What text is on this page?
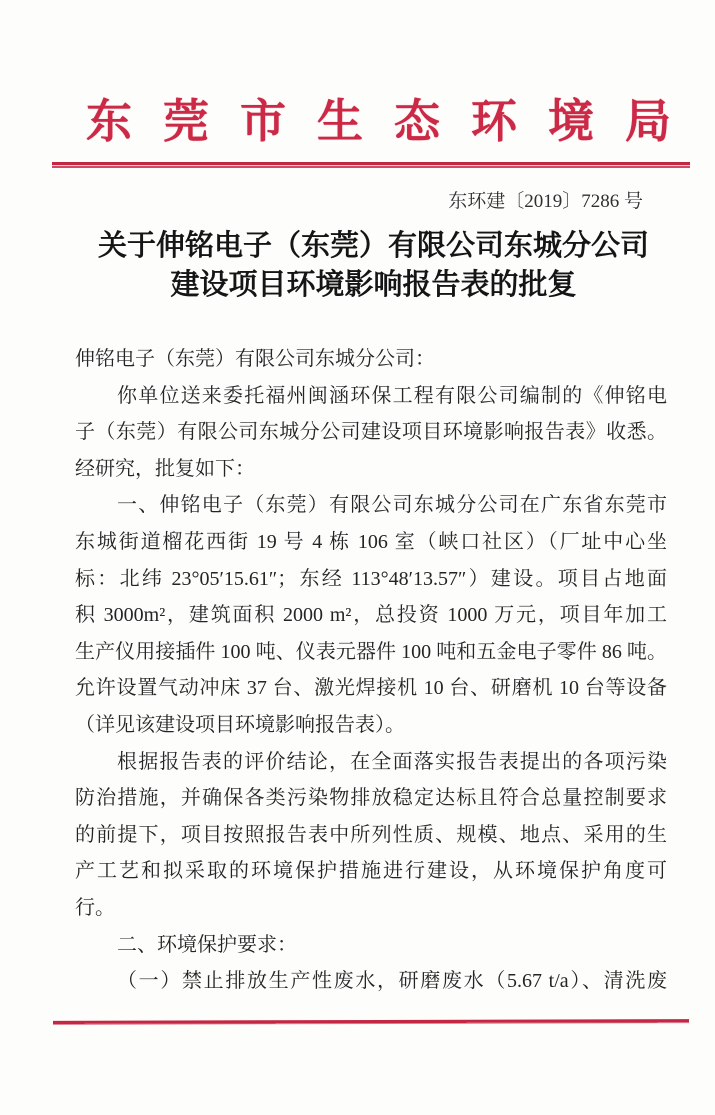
东莞市生态环境局

东环建〔2019〕7286 号

关于伸铭电子（东莞）有限公司东城分公司
建设项目环境影响报告表的批复

伸铭电子（东莞）有限公司东城分公司：

你单位送来委托福州闽涵环保工程有限公司编制的《伸铭电

子（东莞）有限公司东城分公司建设项目环境影响报告表》收悉。

经研究，批复如下：

一、伸铭电子（东莞）有限公司东城分公司在广东省东莞市

东城街道榴花西街 19 号 4 栋 106 室（峡口社区）（厂址中心坐

标：北纬 23°05′15.61″；东经 113°48′13.57″）建设。项目占地面

积 3000m²，建筑面积 2000 m²，总投资 1000 万元，项目年加工

生产仪用接插件 100 吨、仪表元器件 100 吨和五金电子零件 86 吨。

允许设置气动冲床 37 台、激光焊接机 10 台、研磨机 10 台等设备

（详见该建设项目环境影响报告表）。

根据报告表的评价结论，在全面落实报告表提出的各项污染

防治措施，并确保各类污染物排放稳定达标且符合总量控制要求

的前提下，项目按照报告表中所列性质、规模、地点、采用的生

产工艺和拟采取的环境保护措施进行建设，从环境保护角度可

行。

二、环境保护要求：

（一）禁止排放生产性废水，研磨废水（5.67 t/a）、清洗废
